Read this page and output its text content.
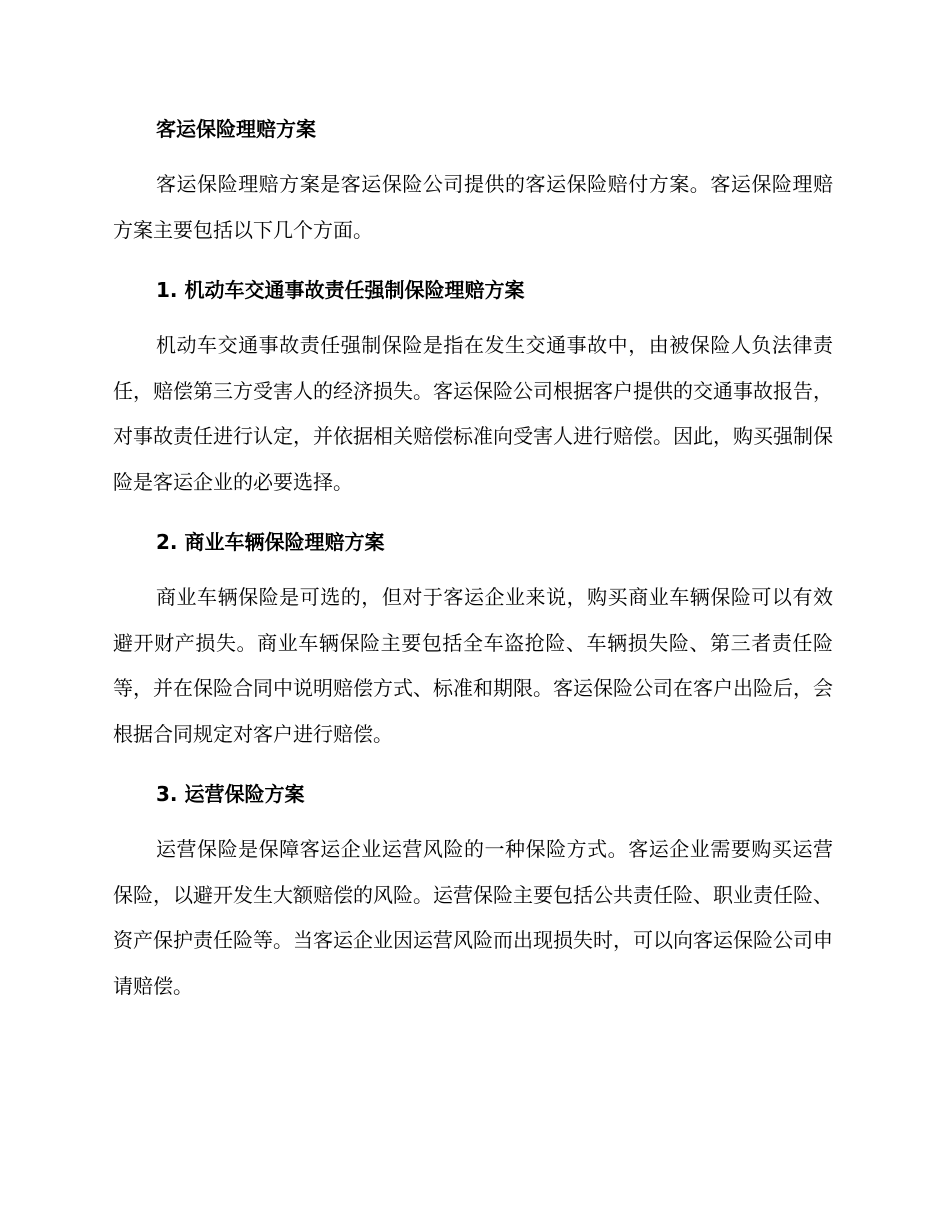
客运保险理赔方案

客运保险理赔方案是客运保险公司提供的客运保险赔付方案。客运保险理赔方案主要包括以下几个方面。

1. 机动车交通事故责任强制保险理赔方案

机动车交通事故责任强制保险是指在发生交通事故中，由被保险人负法律责任，赔偿第三方受害人的经济损失。客运保险公司根据客户提供的交通事故报告，对事故责任进行认定，并依据相关赔偿标准向受害人进行赔偿。因此，购买强制保险是客运企业的必要选择。

2. 商业车辆保险理赔方案

商业车辆保险是可选的，但对于客运企业来说，购买商业车辆保险可以有效避开财产损失。商业车辆保险主要包括全车盗抢险、车辆损失险、第三者责任险等，并在保险合同中说明赔偿方式、标准和期限。客运保险公司在客户出险后，会根据合同规定对客户进行赔偿。

3. 运营保险方案

运营保险是保障客运企业运营风险的一种保险方式。客运企业需要购买运营保险，以避开发生大额赔偿的风险。运营保险主要包括公共责任险、职业责任险、资产保护责任险等。当客运企业因运营风险而出现损失时，可以向客运保险公司申请赔偿。
